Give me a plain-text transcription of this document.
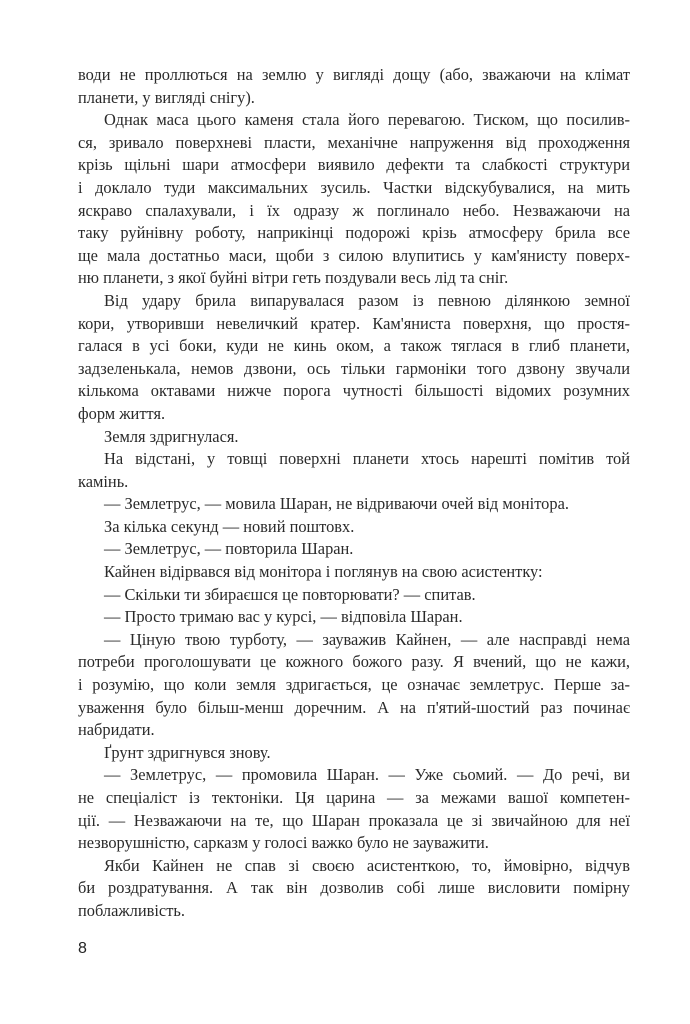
води не проллються на землю у вигляді дощу (або, зважаючи на клімат
планети, у вигляді снігу).
Однак маса цього каменя стала його перевагою. Тиском, що посилив-
ся, зривало поверхневі пласти, механічне напруження від проходження
крізь щільні шари атмосфери виявило дефекти та слабкості структури
і доклало туди максимальних зусиль. Частки відскубувалися, на мить
яскраво спалахували, і їх одразу ж поглинало небо. Незважаючи на
таку руйнівну роботу, наприкінці подорожі крізь атмосферу брила все
ще мала достатньо маси, щоби з силою влупитись у кам'янисту поверх-
ню планети, з якої буйні вітри геть поздували весь лід та сніг.
Від удару брила випарувалася разом із певною ділянкою земної
кори, утворивши невеличкий кратер. Кам'яниста поверхня, що простя-
галася в усі боки, куди не кинь оком, а також тяглася в глиб планети,
задзеленькала, немов дзвони, ось тільки гармоніки того дзвону звучали
кількома октавами нижче порога чутності більшості відомих розумних
форм життя.
Земля здригнулася.
На відстані, у товщі поверхні планети хтось нарешті помітив той
камінь.
— Землетрус, — мовила Шаран, не відриваючи очей від монітора.
За кілька секунд — новий поштовх.
— Землетрус, — повторила Шаран.
Кайнен відірвався від монітора і поглянув на свою асистентку:
— Скільки ти збираєшся це повторювати? — спитав.
— Просто тримаю вас у курсі, — відповіла Шаран.
— Ціную твою турботу, — зауважив Кайнен, — але насправді нема
потреби проголошувати це кожного божого разу. Я вчений, що не кажи,
і розумію, що коли земля здригається, це означає землетрус. Перше за-
уваження було більш-менш доречним. А на п'ятий-шостий раз починає
набридати.
Ґрунт здригнувся знову.
— Землетрус, — промовила Шаран. — Уже сьомий. — До речі, ви
не спеціаліст із тектоніки. Ця царина — за межами вашої компетен-
ції. — Незважаючи на те, що Шаран проказала це зі звичайною для неї
незворушністю, сарказм у голосі важко було не зауважити.
Якби Кайнен не спав зі своєю асистенткою, то, ймовірно, відчув
би роздратування. А так він дозволив собі лише висловити помірну
поблажливість.
8
